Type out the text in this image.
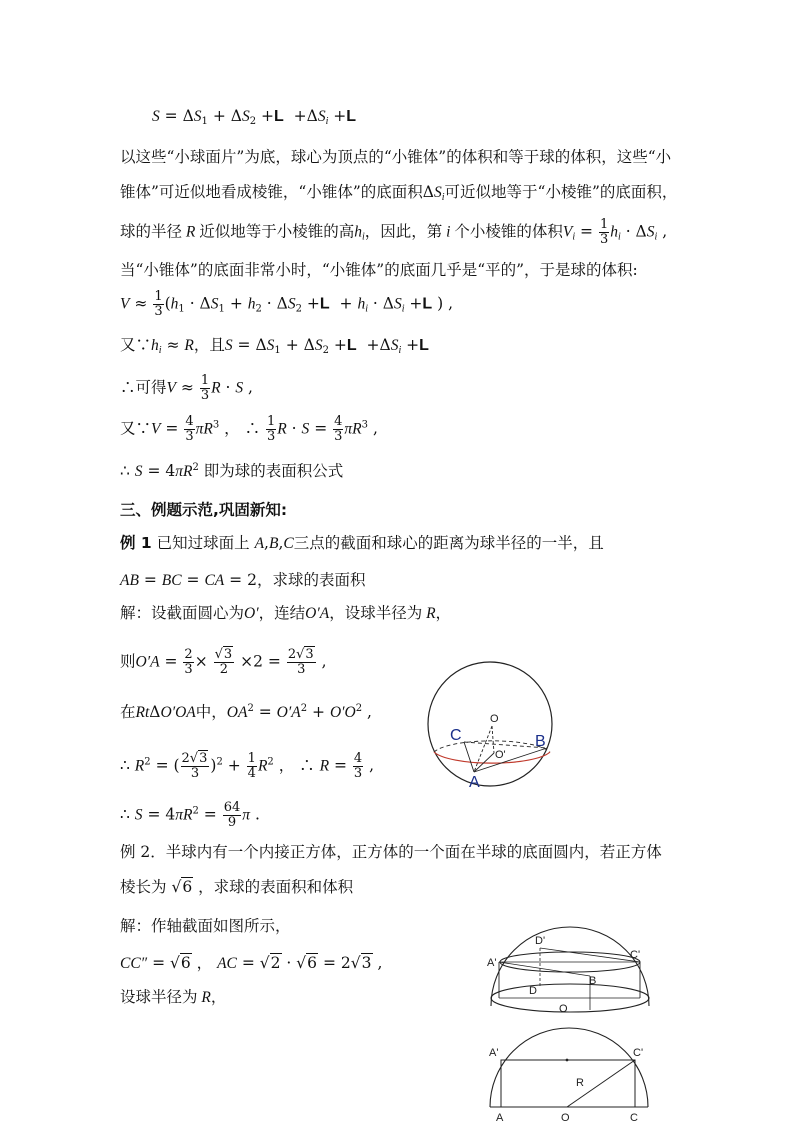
$S = \Delta S_1 + \Delta S_2 +L +\Delta S_i +L$
以这些“小球面片”为底，球心为顶点的“小锥体”的体积和等于球的体积，这些“小
锥体”可近似地看成棱锥，“小锥体”的底面积$\Delta S_i$可近似地等于“小棱锥”的底面积，
球的半径 R 近似地等于小棱锥的高$h_i$，因此，第 i 个小棱锥的体积$V_i = \frac{1}{3} h_i \cdot \Delta S_i$ ,
当“小锥体”的底面非常小时，“小锥体”的底面几乎是“平的”，于是球的体积:
$V \approx \frac{1}{3} (h_1 \cdot \Delta S_1 + h_2 \cdot \Delta S_2 +L + h_i \cdot \Delta S_i +L$ ) ,
又$\because h_i \approx R$，且$S = \Delta S_1 + \Delta S_2 +L +\Delta S_i +L$
∴可得$V \approx \frac{1}{3}$ R · S ,
又∵V = $\frac{4}{3} \pi R^3$ ， ∴ $\frac{1}{3}$ $R \cdot S = \frac{4}{3} \pi R^3$ ,
∴ $S = 4\pi R^2$ 即为球的表面积公式
三、例题示范,巩固新知:
例 1 已知过球面上 A,B,C三点的截面和球心的距离为球半径的一半，且
AB = BC = CA = 2，求球的表面积
解：设截面圆心为O′，连结O′A，设球半径为 R，
则$O'A = \frac{2}{3} \times \frac{√3}{2} \times 2 = \frac{2√3}{3}$ ,
在RtΔO′OA中，$OA^2 = O'A^2 + O'O^2$ ,
∴ $R^2$ = ( $\frac{2√3}{3} )^2 + \frac{1}{4} R^2$ ， ∴ $R = \frac{4}{3}$ ,
∴ $S = 4\pi R^2 = \frac{64}{9}$ π .
例 2．半球内有一个内接正方体，正方体的一个面在半球的底面圆内，若正方体
棱长为 √6 ，求球的表面积和体积
解：作轴截面如图所示，
CC″ = √6 ， AC = √2 · √6 = 2√3 ,
设球半径为 R，
C
O
B
O'
A
D'
A'
C'
B
D
O
A'	C'
R
A	O	C
